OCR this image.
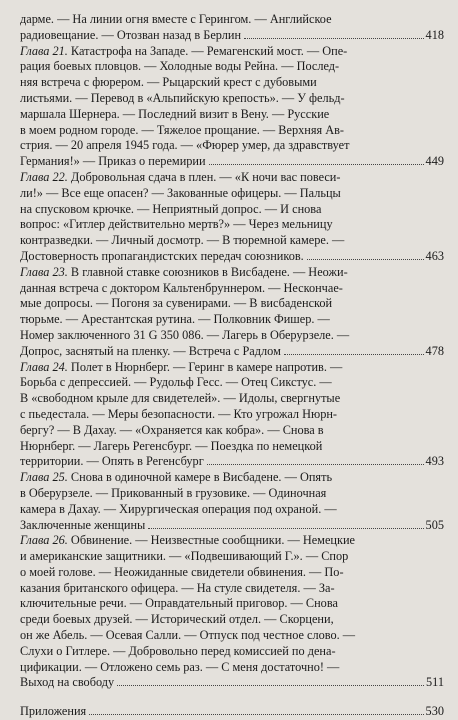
дарме. — На линии огня вместе с Герингом. — Английское
радиовещание. — Отозван назад в Берлин	418
Глава 21. Катастрофа на Западе. — Ремагенский мост. — Опе-
рация боевых пловцов. — Холодные воды Рейна. — Послед-
няя встреча с фюрером. — Рыцарский крест с дубовыми
листьями. — Перевод в «Альпийскую крепость». — У фельд-
маршала Шернера. — Последний визит в Вену. — Русские
в моем родном городе. — Тяжелое прощание. — Верхняя Ав-
стрия. — 20 апреля 1945 года. — «Фюрер умер, да здравствует
Германия!» — Приказ о перемирии	449
Глава 22. Добровольная сдача в плен. — «К ночи вас повеси-
ли!» — Все еще опасен? — Закованные офицеры. — Пальцы
на спусковом крючке. — Неприятный допрос. — И снова
вопрос: «Гитлер действительно мертв?» — Через мельницу
контразведки. — Личный досмотр. — В тюремной камере. —
Достоверность пропагандистских передач союзников.	463
Глава 23. В главной ставке союзников в Висбадене. — Неожи-
данная встреча с доктором Кальтенбруннером. — Нескончае-
мые допросы. — Погоня за сувенирами. — В висбаденской
тюрьме. — Арестантская рутина. — Полковник Фишер. —
Номер заключенного 31 G 350 086. — Лагерь в Оберурзеле. —
Допрос, заснятый на пленку. — Встреча с Радлом	478
Глава 24. Полет в Нюрнберг. — Геринг в камере напротив. —
Борьба с депрессией. — Рудольф Гесс. — Отец Сикстус. —
В «свободном крыле для свидетелей». — Идолы, свергнутые
с пьедестала. — Меры безопасности. — Кто угрожал Нюрн-
бергу? — В Дахау. — «Охраняется как кобра». — Снова в
Нюрнберг. — Лагерь Регенсбург. — Поездка по немецкой
территории. — Опять в Регенсбург	493
Глава 25. Снова в одиночной камере в Висбадене. — Опять
в Оберурзеле. — Прикованный в грузовике. — Одиночная
камера в Дахау. — Хирургическая операция под охраной. —
Заключенные женщины	505
Глава 26. Обвинение. — Неизвестные сообщники. — Немецкие
и американские защитники. — «Подвешивающий Г.». — Спор
о моей голове. — Неожиданные свидетели обвинения. — По-
казания британского офицера. — На стуле свидетеля. — За-
ключительные речи. — Оправдательный приговор. — Снова
среди боевых друзей. — Исторический отдел. — Скорцени,
он же Абель. — Осевая Салли. — Отпуск под честное слово. —
Слухи о Гитлере. — Добровольно перед комиссией по дена-
цификации. — Отложено семь раз. — С меня достаточно! —
Выход на свободу	511
Приложения	530
